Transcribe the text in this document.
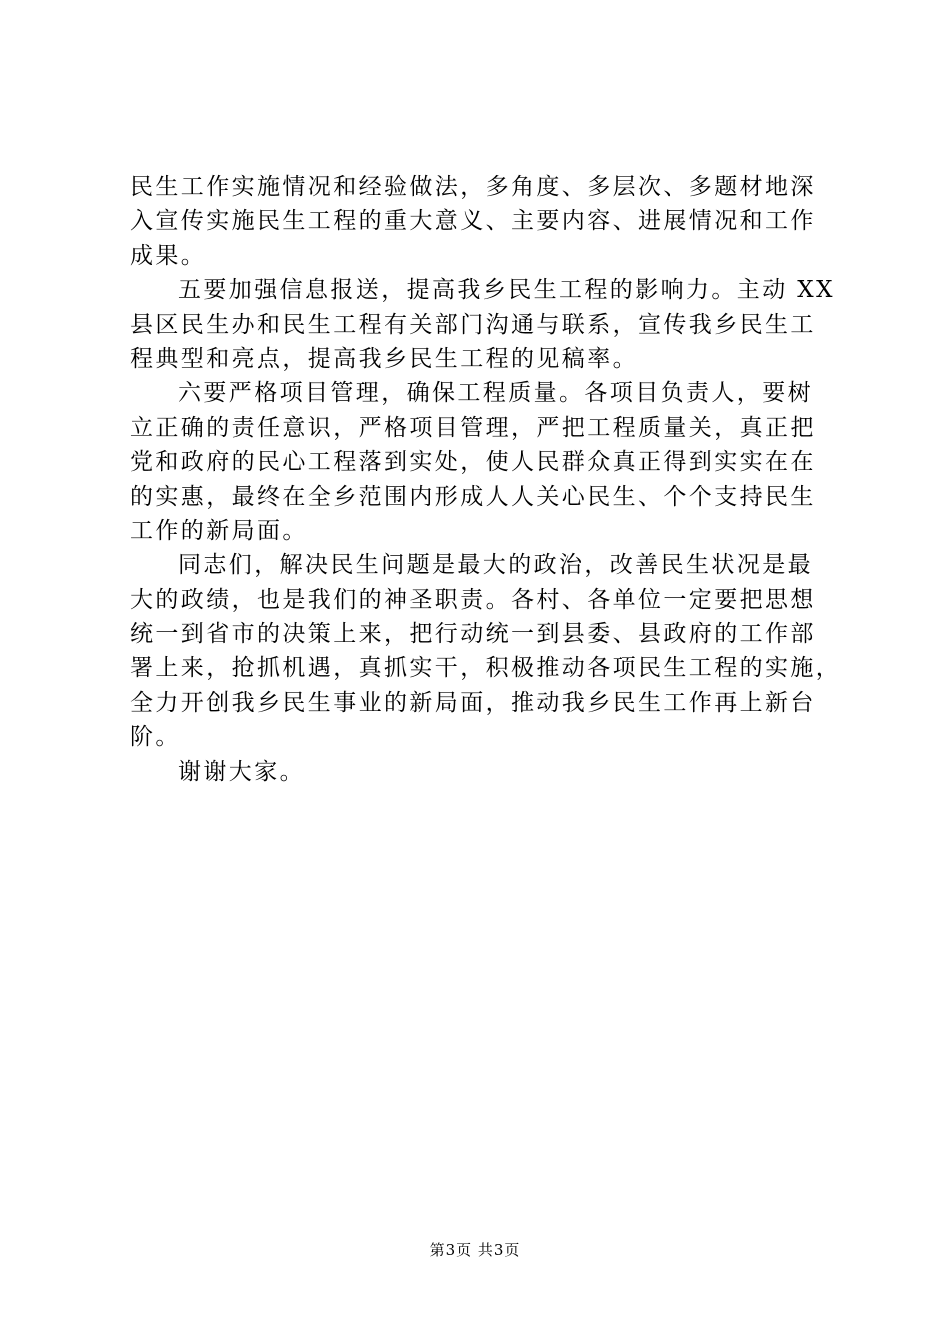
民生工作实施情况和经验做法，多角度、多层次、多题材地深
入宣传实施民生工程的重大意义、主要内容、进展情况和工作
成果。
五要加强信息报送，提高我乡民生工程的影响力。主动 XX
县区民生办和民生工程有关部门沟通与联系，宣传我乡民生工
程典型和亮点，提高我乡民生工程的见稿率。
六要严格项目管理，确保工程质量。各项目负责人，要树
立正确的责任意识，严格项目管理，严把工程质量关，真正把
党和政府的民心工程落到实处，使人民群众真正得到实实在在
的实惠，最终在全乡范围内形成人人关心民生、个个支持民生
工作的新局面。
同志们，解决民生问题是最大的政治，改善民生状况是最
大的政绩，也是我们的神圣职责。各村、各单位一定要把思想
统一到省市的决策上来，把行动统一到县委、县政府的工作部
署上来，抢抓机遇，真抓实干，积极推动各项民生工程的实施，
全力开创我乡民生事业的新局面，推动我乡民生工作再上新台
阶。
谢谢大家。
第3页 共3页
